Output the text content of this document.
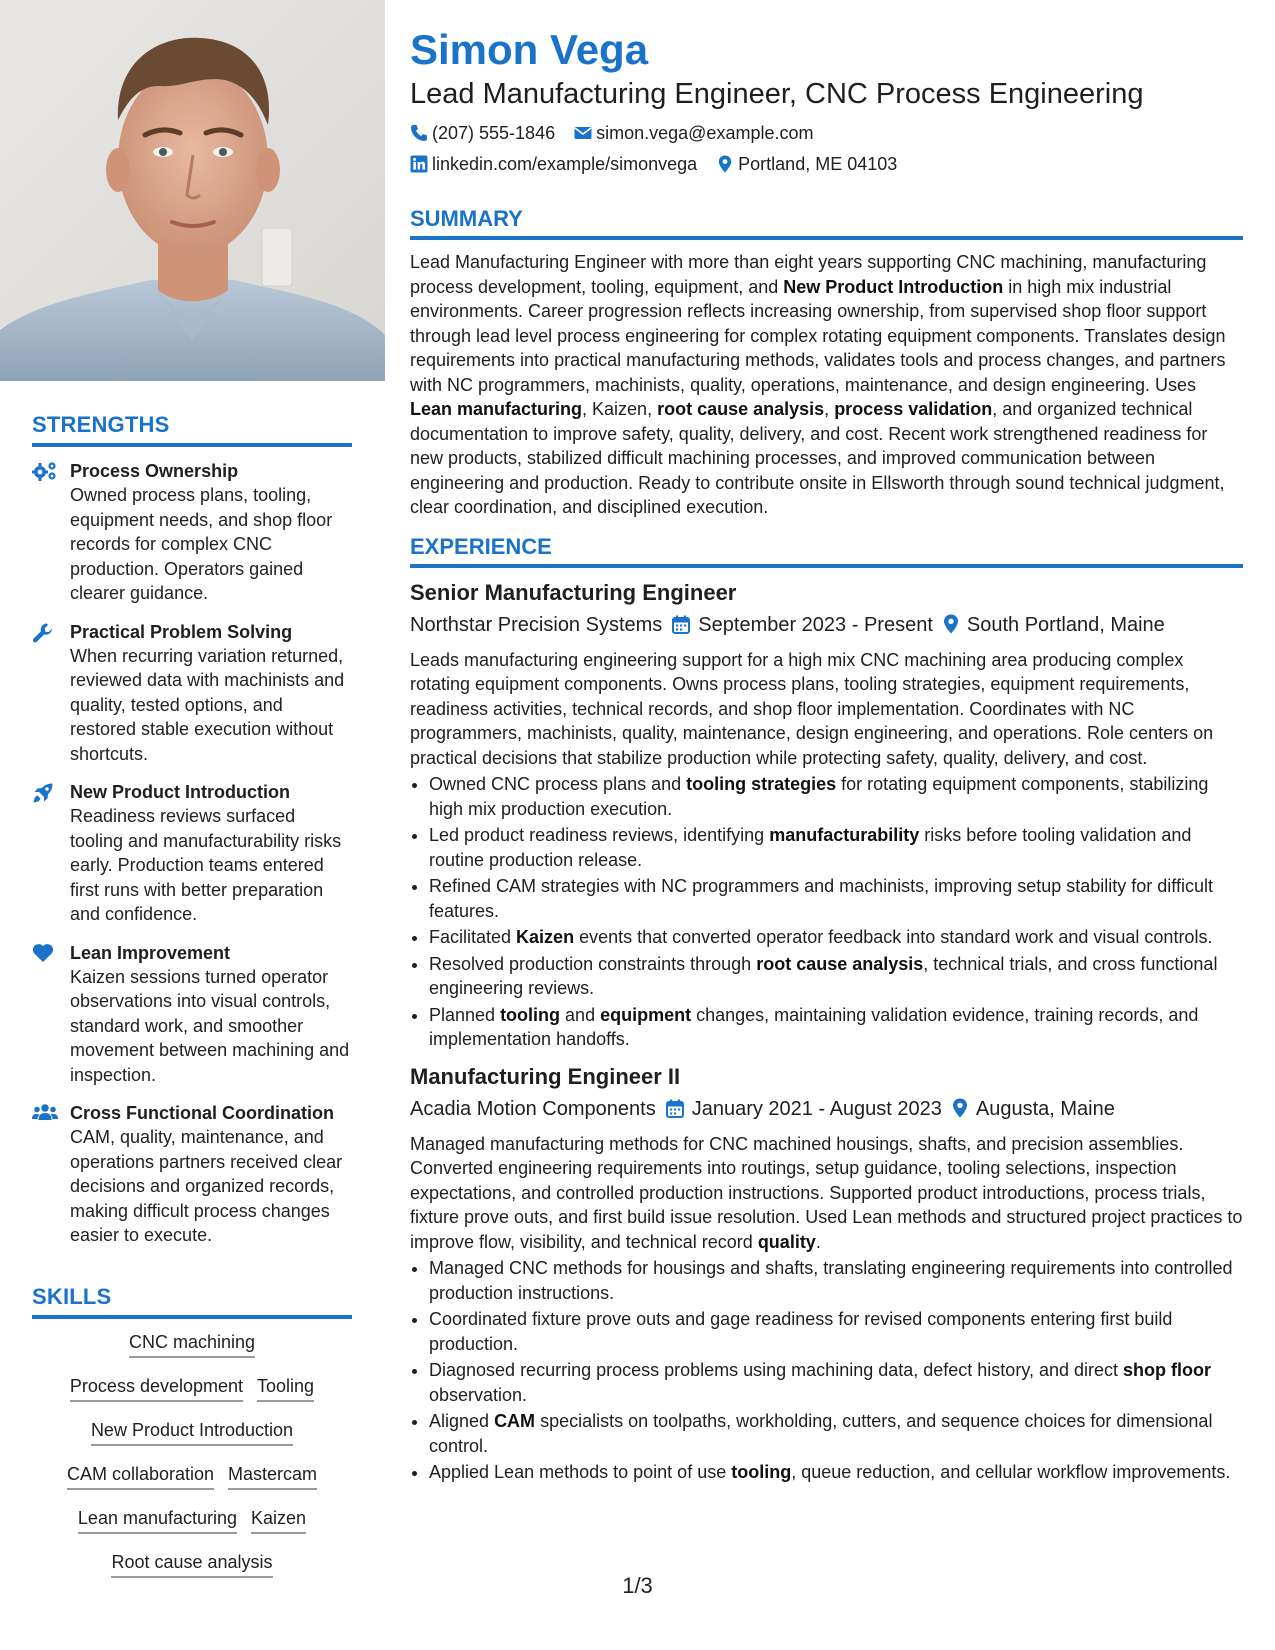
STRENGTHS
Process Ownership
Owned process plans, tooling, equipment needs, and shop floor records for complex CNC production. Operators gained clearer guidance.
Practical Problem Solving
When recurring variation returned, reviewed data with machinists and quality, tested options, and restored stable execution without shortcuts.
New Product Introduction
Readiness reviews surfaced tooling and manufacturability risks early. Production teams entered first runs with better preparation and confidence.
Lean Improvement
Kaizen sessions turned operator observations into visual controls, standard work, and smoother movement between machining and inspection.
Cross Functional Coordination
CAM, quality, maintenance, and operations partners received clear decisions and organized records, making difficult process changes easier to execute.
SKILLS
CNC machining
Process development Tooling
New Product Introduction
CAM collaboration Mastercam
Lean manufacturing Kaizen
Root cause analysis
Simon Vega
Lead Manufacturing Engineer, CNC Process Engineering
(207) 555-1846 simon.vega@example.com
linkedin.com/example/simonvega Portland, ME 04103
SUMMARY

Lead Manufacturing Engineer with more than eight years supporting CNC machining, manufacturing process development, tooling, equipment, and New Product Introduction in high mix industrial environments. Career progression reflects increasing ownership, from supervised shop floor support through lead level process engineering for complex rotating equipment components. Translates design requirements into practical manufacturing methods, validates tools and process changes, and partners with NC programmers, machinists, quality, operations, maintenance, and design engineering. Uses Lean manufacturing, Kaizen, root cause analysis, process validation, and organized technical documentation to improve safety, quality, delivery, and cost. Recent work strengthened readiness for new products, stabilized difficult machining processes, and improved communication between engineering and production. Ready to contribute onsite in Ellsworth through sound technical judgment, clear coordination, and disciplined execution.

EXPERIENCE
Senior Manufacturing Engineer
Northstar Precision Systems September 2023 - Present South Portland, Maine

Leads manufacturing engineering support for a high mix CNC machining area producing complex rotating equipment components. Owns process plans, tooling strategies, equipment requirements, readiness activities, technical records, and shop floor implementation. Coordinates with NC programmers, machinists, quality, maintenance, design engineering, and operations. Role centers on practical decisions that stabilize production while protecting safety, quality, delivery, and cost.

• Owned CNC process plans and tooling strategies for rotating equipment components, stabilizing high mix production execution.
• Led product readiness reviews, identifying manufacturability risks before tooling validation and routine production release.
• Refined CAM strategies with NC programmers and machinists, improving setup stability for difficult features.
• Facilitated Kaizen events that converted operator feedback into standard work and visual controls.
• Resolved production constraints through root cause analysis, technical trials, and cross functional engineering reviews.
• Planned tooling and equipment changes, maintaining validation evidence, training records, and implementation handoffs.
Manufacturing Engineer II
Acadia Motion Components January 2021 - August 2023 Augusta, Maine

Managed manufacturing methods for CNC machined housings, shafts, and precision assemblies. Converted engineering requirements into routings, setup guidance, tooling selections, inspection expectations, and controlled production instructions. Supported product introductions, process trials, fixture prove outs, and first build issue resolution. Used Lean methods and structured project practices to improve flow, visibility, and technical record quality.

• Managed CNC methods for housings and shafts, translating engineering requirements into controlled production instructions.
• Coordinated fixture prove outs and gage readiness for revised components entering first build production.
• Diagnosed recurring process problems using machining data, defect history, and direct shop floor observation.
• Aligned CAM specialists on toolpaths, workholding, cutters, and sequence choices for dimensional control.
• Applied Lean methods to point of use tooling, queue reduction, and cellular workflow improvements.
1/3
